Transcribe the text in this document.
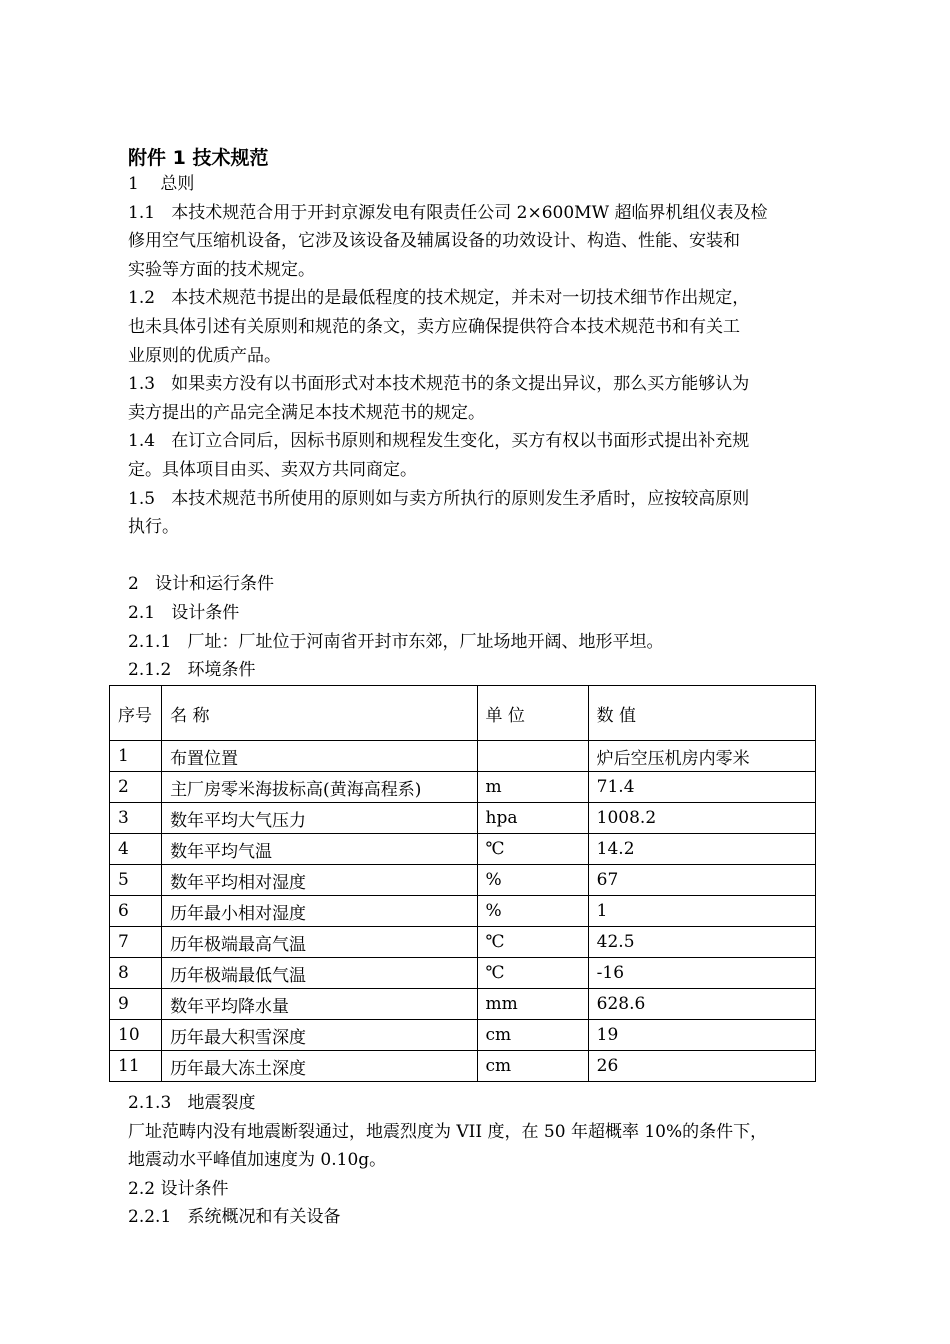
附件 1 技术规范

1    总则

1.1   本技术规范合用于开封京源发电有限责任公司 2×600MW 超临界机组仪表及检

修用空气压缩机设备，它涉及该设备及辅属设备的功效设计、构造、性能、安装和

实验等方面的技术规定。

1.2   本技术规范书提出的是最低程度的技术规定，并未对一切技术细节作出规定，

也未具体引述有关原则和规范的条文，卖方应确保提供符合本技术规范书和有关工

业原则的优质产品。

1.3   如果卖方没有以书面形式对本技术规范书的条文提出异议，那么买方能够认为

卖方提出的产品完全满足本技术规范书的规定。

1.4   在订立合同后，因标书原则和规程发生变化，买方有权以书面形式提出补充规

定。具体项目由买、卖双方共同商定。

1.5   本技术规范书所使用的原则如与卖方所执行的原则发生矛盾时，应按较高原则

执行。

2   设计和运行条件

2.1   设计条件

2.1.1   厂址：厂址位于河南省开封市东郊，厂址场地开阔、地形平坦。

2.1.2   环境条件

序号	名 称	单 位	数 值
1	布置位置		炉后空压机房内零米
2	主厂房零米海拔标高(黄海高程系)	m	71.4
3	数年平均大气压力	hpa	1008.2
4	数年平均气温	℃	14.2
5	数年平均相对湿度	%	67
6	历年最小相对湿度	%	1
7	历年极端最高气温	℃	42.5
8	历年极端最低气温	℃	-16
9	数年平均降水量	mm	628.6
10	历年最大积雪深度	cm	19
11	历年最大冻土深度	cm	26

2.1.3   地震裂度

厂址范畴内没有地震断裂通过，地震烈度为 VII 度，在 50 年超概率 10%的条件下，

地震动水平峰值加速度为 0.10g。

2.2 设计条件

2.2.1   系统概况和有关设备
